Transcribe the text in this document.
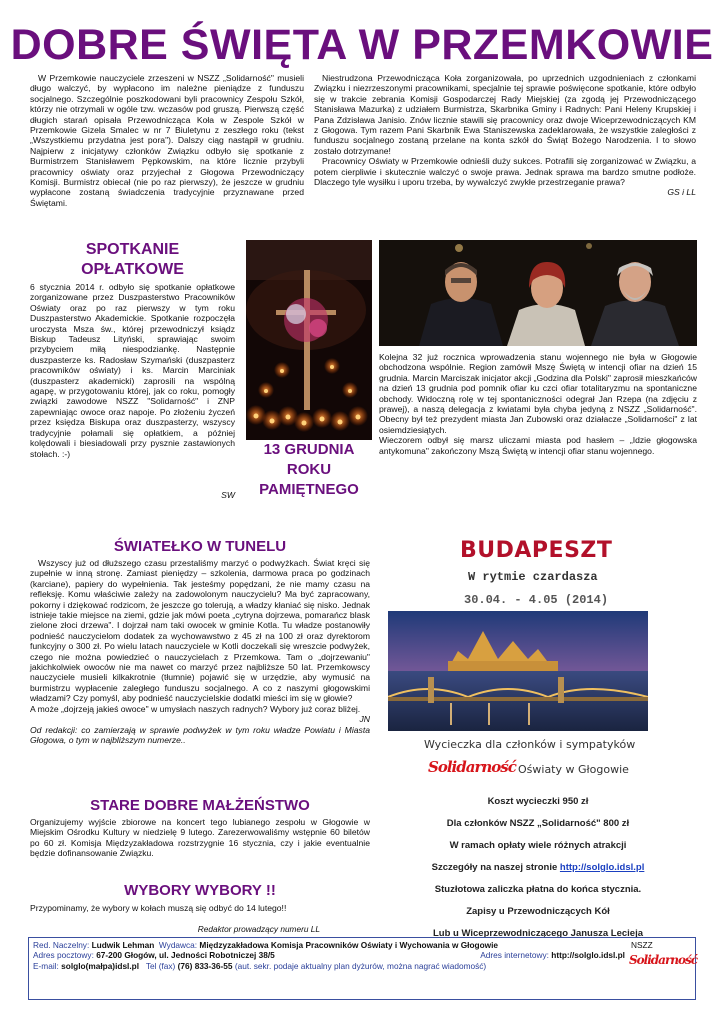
DOBRE ŚWIĘTA W PRZEMKOWIE
W Przemkowie nauczyciele zrzeszeni w NSZZ „Solidarność" musieli długo walczyć, by wypłacono im należne pieniądze z funduszu socjalnego. Szczególnie poszkodowani byli pracownicy Zespołu Szkół, którzy nie otrzymali w ogóle tzw. wczasów pod gruszą. Pierwszą część długich starań opisała Przewodnicząca Koła w Zespole Szkół w Przemkowie Gizela Smalec w nr 7 Biuletynu z zeszłego roku (tekst „Wszystkiemu przydatna jest pora"). Dalszy ciąg nastąpił w grudniu. Najpierw z inicjatywy członków Związku odbyło się spotkanie z Burmistrzem Stanisławem Pępkowskim, na które licznie przybyli pracownicy oświaty oraz przyjechał z Głogowa Przewodniczący Komisji. Burmistrz obiecał (nie po raz pierwszy), że jeszcze w grudniu wypłacone zostaną świadczenia tradycyjnie przyznawane przed Świętami.
Niestrudzona Przewodnicząca Koła zorganizowała, po uprzednich uzgodnieniach z członkami Związku i niezrzeszonymi pracownikami, specjalnie tej sprawie poświęcone spotkanie, które odbyło się w trakcie zebrania Komisji Gospodarczej Rady Miejskiej (za zgodą jej Przewodniczącego Stanisława Mazurka) z udziałem Burmistrza, Skarbnika Gminy i Radnych: Pani Heleny Krupskiej i Pana Zdzisława Janisio. Znów licznie stawili się pracownicy oraz dwoje Wiceprzewodniczących KM z Głogowa. Tym razem Pani Skarbnik Ewa Staniszewska zadeklarowała, że wszystkie zaległości z funduszu socjalnego zostaną przelane na konta szkół do Świąt Bożego Narodzenia. I to słowo zostało dotrzymane!
Pracownicy Oświaty w Przemkowie odnieśli duży sukces. Potrafili się zorganizować w Związku, a potem cierpliwie i skutecznie walczyć o swoje prawa. Jednak sprawa ma bardzo smutne podłoże. Dlaczego tyle wysiłku i uporu trzeba, by wywalczyć zwykłe przestrzeganie prawa?
GS i LL
SPOTKANIE
OPŁATKOWE
6 stycznia 2014 r. odbyło się spotkanie opłatkowe zorganizowane przez Duszpasterstwo Pracowników Oświaty oraz po raz pierwszy w tym roku Duszpasterstwo Akademickie. Spotkanie rozpoczęła uroczysta Msza św., której przewodniczył ksiądz Biskup Tadeusz Lityński, sprawiając swoim przybyciem miłą niespodziankę. Następnie duszpasterze ks. Radosław Szymański (duszpasterz pracowników oświaty) i ks. Marcin Marciniak (duszpasterz akademicki) zaprosili na wspólną agapę, w przygotowaniu której, jak co roku, pomogły związki zawodowe NSZZ "Solidarność" i ZNP zapewniając owoce oraz napoje. Po złożeniu życzeń przez księdza Biskupa oraz duszpasterzy, wszyscy tradycyjnie połamali się opłatkiem, a później kolędowali i biesiadowali przy pysznie zastawionych stołach. :-)
SW
13 GRUDNIA
ROKU
PAMIĘTNEGO
Kolejna 32 już rocznica wprowadzenia stanu wojennego nie była w Głogowie obchodzona wspólnie. Region zamówił Mszę Świętą w intencji ofiar na dzień 15 grudnia. Marcin Marciszak inicjator akcji „Godzina dla Polski" zaprosił mieszkańców na dzień 13 grudnia pod pomnik ofiar ku czci ofiar totalitaryzmu na spontaniczne obchody. Widoczną rolę w tej spontaniczności odegrał Jan Rzepa (na zdjęciu z prawej), a naszą delegacja z kwiatami była chyba jedyną z NSZZ „Solidarność". Obecny był też prezydent miasta Jan Zubowski oraz działacze „Solidarności" z lat osiemdziesiątych.
Wieczorem odbył się marsz uliczami miasta pod hasłem – „Idzie głogowska antykomuna" zakończony Mszą Świętą w intencji ofiar stanu wojennego.
ŚWIATEŁKO W TUNELU
Wszyscy już od dłuższego czasu przestaliśmy marzyć o podwyżkach. Świat kręci się zupełnie w inną stronę. Zamiast pieniędzy – szkolenia, darmowa praca po godzinach (karciane), papiery do wypełnienia. Tak jesteśmy popędzani, że nie mamy czasu na refleksję. Komu właściwie zależy na zadowolonym nauczycielu? Ma być zapracowany, pokorny i dziękować rodzicom, że jeszcze go tolerują, a władzy kłaniać się nisko. Jednak istnieje takie miejsce na ziemi, gdzie jak mówi poeta „cytryna dojrzewa, pomarańcz blask zielone złoci drzewa". I dojrzał nam taki owocek w gminie Kotla. Tu władze postanowiły podnieść nauczycielom dodatek za wychowawstwo z 45 zł na 100 zł oraz dyrektorom funkcyjny o 300 zł. Po wielu latach nauczyciele w Kotli doczekali się wreszcie podwyżek, czego nie można powiedzieć o nauczycielach z Przemkowa. Tam o „dojrzewaniu" jakichkolwiek owoców nie ma nawet co marzyć przez najbliższe 50 lat. Przemkowscy nauczyciele musieli kilkakrotnie (tłumnie) pojawić się w urzędzie, aby wymusić na burmistrzu wypłacenie zaległego funduszu socjalnego. A co z naszymi głogowskimi władzami? Czy pomyśl, aby podnieść nauczycielskie dodatki mieści im się w głowie?
A może „dojrzeją jakieś owoce" w umysłach naszych radnych? Wybory już coraz bliżej.
JN
Od redakcji: co zamierzają w sprawie podwyżek w tym roku władze Powiatu i Miasta Głogowa, o tym w najbliższym numerze..
STARE DOBRE MAŁŻEŃSTWO
Organizujemy wyjście zbiorowe na koncert tego lubianego zespołu w Głogowie w Miejskim Ośrodku Kultury w niedzielę 9 lutego. Zarezerwowaliśmy wstępnie 60 biletów po 60 zł. Komisja Międzyzakładowa rozstrzygnie 16 stycznia, czy i jakie eventualnie będzie dofinansowanie Związku.
WYBORY WYBORY !!
Przypominamy, że wybory w kołach muszą się odbyć do 14 lutego!!
Redaktor prowadzący numeru LL
BUDAPESZT
W rytmie czardasza
30.04. - 4.05 (2014)
Wycieczka dla członków i sympatyków
Solidarność Oświaty w Głogowie
Koszt wycieczki 950 zł
Dla członków NSZZ „Solidarność" 800 zł
W ramach opłaty wiele różnych atrakcji
Szczegóły na naszej stronie http://solglo.idsl.pl
Stuzłotowa zaliczka płatna do końca stycznia.
Zapisy u Przewodniczących Kół
Lub u Wiceprzewodniczącego Janusza Lecieja
Red. Naczelny: Ludwik Lehman Wydawca: Międzyzakładowa Komisja Pracowników Oświaty i Wychowania w Głogowie	NSZZ
Adres pocztowy: 67-200 Głogów, ul. Jedności Robotniczej 38/5	Adres internetowy: http://solglo.idsl.pl
E-mail: solglo(małpa)idsl.pl Tel (fax) (76) 833-36-55 (aut. sekr. podaje aktualny plan dyżurów, można nagrać wiadomość)	Solidarność
